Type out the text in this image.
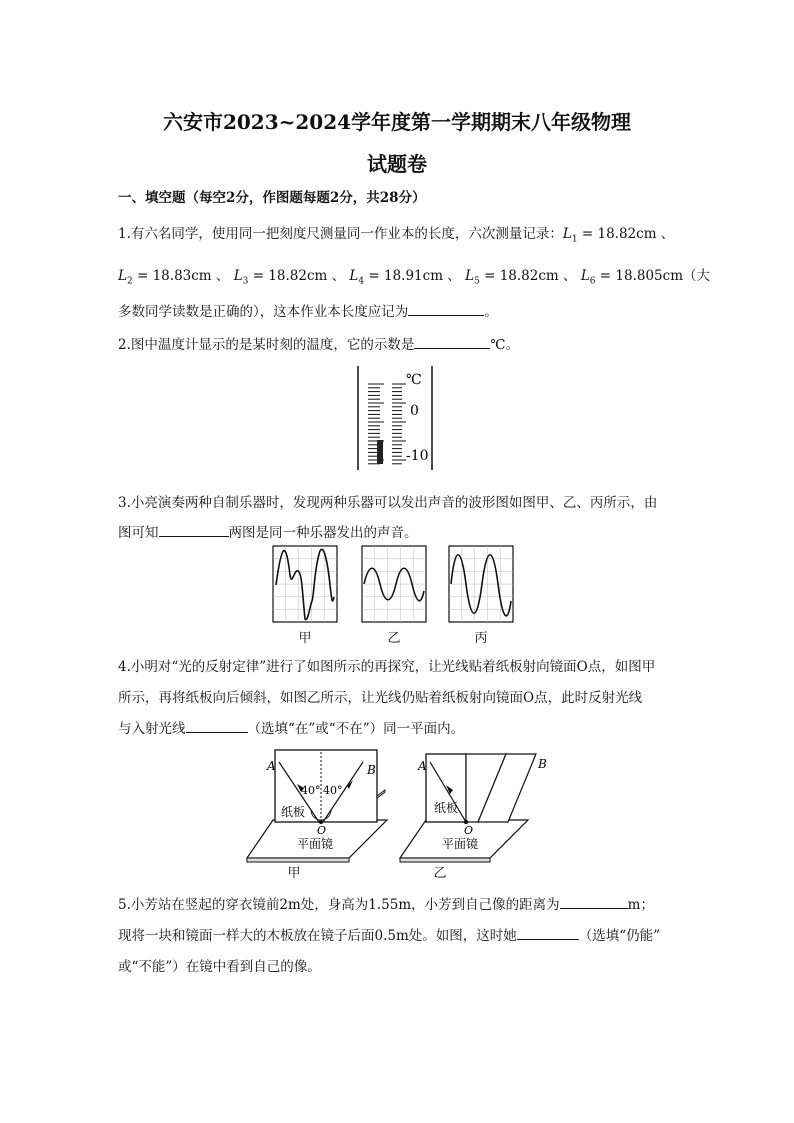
六安市2023~2024学年度第一学期期末八年级物理
试题卷
一、填空题（每空2分，作图题每题2分，共28分）
1.有六名同学，使用同一把刻度尺测量同一作业本的长度，六次测量记录：$L_1 = 18.82cm$ 、
$L_2 = 18.83cm$ 、 $L_3 = 18.82cm$ 、 $L_4 = 18.91cm$ 、 $L_5 = 18.82cm$ 、 $L_6 = 18.805cm$（大
多数同学读数是正确的），这本作业本长度应记为	。
2.图中温度计显示的是某时刻的温度，它的示数是	℃。
℃
0
-10
3.小亮演奏两种自制乐器时，发现两种乐器可以发出声音的波形图如图甲、乙、丙所示，由
图可知	两图是同一种乐器发出的声音。
甲	乙	丙
4.小明对“光的反射定律”进行了如图所示的再探究，让光线贴着纸板射向镜面O点，如图甲
所示，再将纸板向后倾斜，如图乙所示，让光线仍贴着纸板射向镜面O点，此时反射光线
与入射光线	（选填“在”或“不在”）同一平面内。
A	B
40° 40°
纸板
O
平面镜
甲
A	B
纸板
O
平面镜
乙
5.小芳站在竖起的穿衣镜前2m处，身高为1.55m，小芳到自己像的距离为	m；
现将一块和镜面一样大的木板放在镜子后面0.5m处。如图，这时她	（选填“仍能”
或“不能”）在镜中看到自己的像。
